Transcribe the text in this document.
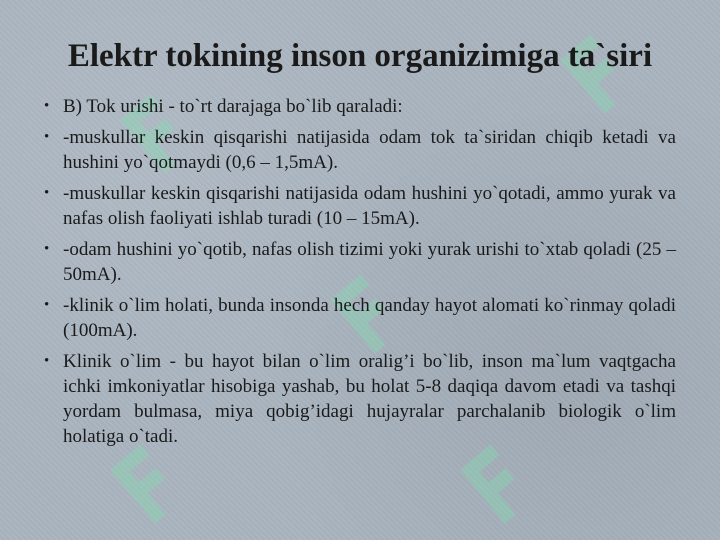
Elektr tokining inson organizimiga ta`siri
• B) Tok urishi - to`rt darajaga bo`lib qaraladi:
• -muskullar keskin qisqarishi natijasida odam tok ta`siridan chiqib ketadi va hushini yo`qotmaydi (0,6 – 1,5mA).
• -muskullar keskin qisqarishi natijasida odam hushini yo`qotadi, ammo yurak va nafas olish faoliyati ishlab turadi (10 – 15mA).
• -odam hushini yo`qotib, nafas olish tizimi yoki yurak urishi to`xtab qoladi (25 – 50mA).
• -klinik o`lim holati, bunda insonda hech qanday hayot alomati ko`rinmay qoladi (100mA).
• Klinik o`lim - bu hayot bilan o`lim oralig’i bo`lib, inson ma`lum vaqtgacha ichki imkoniyatlar hisobiga yashab, bu holat 5-8 daqiqa davom etadi va tashqi yordam bulmasa, miya qobig’idagi hujayralar parchalanib biologik o`lim holatiga o`tadi.
